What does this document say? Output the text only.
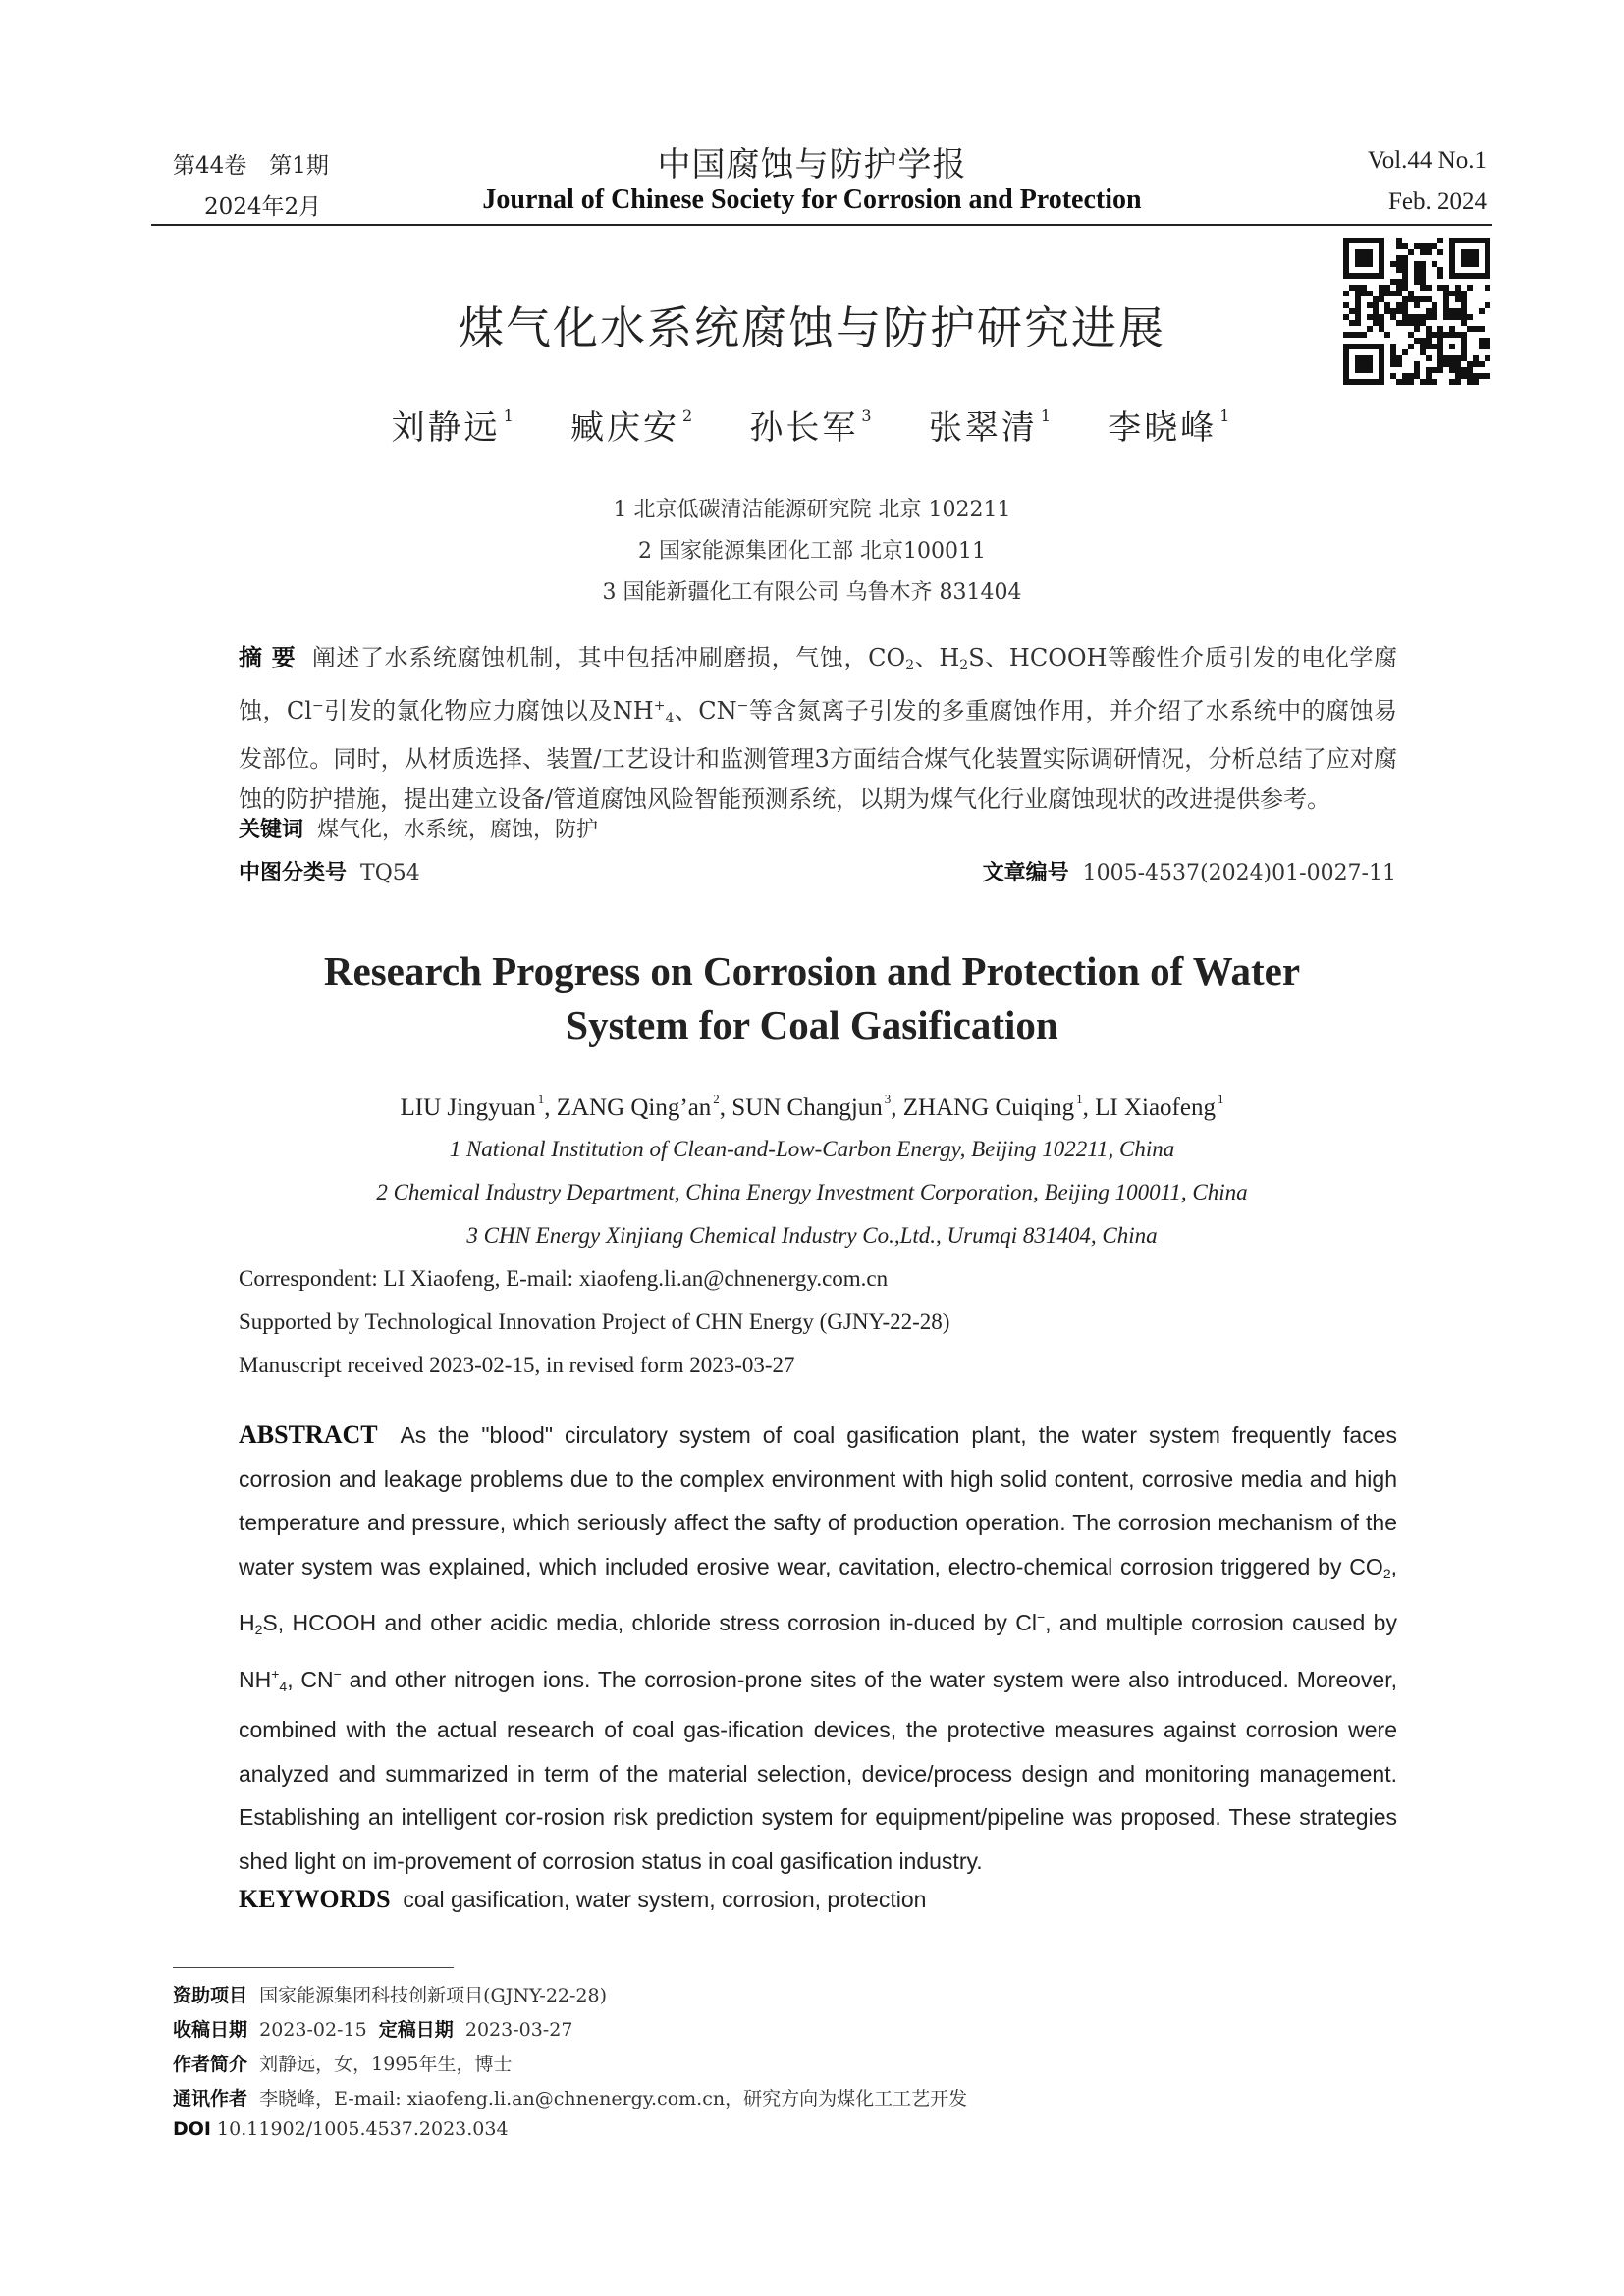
第44卷　第1期
2024年2月
中国腐蚀与防护学报
Journal of Chinese Society for Corrosion and Protection
Vol.44 No.1
Feb. 2024
煤气化水系统腐蚀与防护研究进展
刘静远 $^1$ 臧庆安 $^2$ 孙长军 $^3$ 张翠清 $^1$ 李晓峰 $^1$
1 北京低碳清洁能源研究院 北京 102211
2 国家能源集团化工部 北京100011
3 国能新疆化工有限公司 乌鲁木齐 831404
摘 要 阐述了水系统腐蚀机制，其中包括冲刷磨损，气蚀，$CO_2$、$H_2S$、HCOOH等酸性介质引发的电化学腐蚀，Cl−引发的氯化物应力腐蚀以及$NH^+_4$、CN−等含氮离子引发的多重腐蚀作用，并介绍了水系统中的腐蚀易发部位。同时，从材质选择、装置/工艺设计和监测管理3方面结合煤气化装置实际调研情况，分析总结了应对腐蚀的防护措施，提出建立设备/管道腐蚀风险智能预测系统，以期为煤气化行业腐蚀现状的改进提供参考。
关键词 煤气化，水系统，腐蚀，防护
中图分类号 TQ54	文章编号 1005-4537(2024)01-0027-11
Research Progress on Corrosion and Protection of Water
System for Coal Gasification
LIU Jingyuan $^1$, ZANG Qing’an $^2$, SUN Changjun $^3$, ZHANG Cuiqing $^1$, LI Xiaofeng $^1$
1 National Institution of Clean-and-Low-Carbon Energy, Beijing 102211, China
2 Chemical Industry Department, China Energy Investment Corporation, Beijing 100011, China
3 CHN Energy Xinjiang Chemical Industry Co.,Ltd., Urumqi 831404, China
Correspondent: LI Xiaofeng, E-mail: xiaofeng.li.an@chnenergy.com.cn
Supported by Technological Innovation Project of CHN Energy (GJNY-22-28)
Manuscript received 2023-02-15, in revised form 2023-03-27
ABSTRACT As the "blood" circulatory system of coal gasification plant, the water system frequently faces corrosion and leakage problems due to the complex environment with high solid content, corrosive media and high temperature and pressure, which seriously affect the safty of production operation. The corrosion mechanism of the water system was explained, which included erosive wear, cavitation, electro-chemical corrosion triggered by $CO_2$, $H_2S$, HCOOH and other acidic media, chloride stress corrosion in-duced by Cl−, and multiple corrosion caused by $NH^+_4$, CN− and other nitrogen ions. The corrosion-prone sites of the water system were also introduced. Moreover, combined with the actual research of coal gas-ification devices, the protective measures against corrosion were analyzed and summarized in term of the material selection, device/process design and monitoring management. Establishing an intelligent cor-rosion risk prediction system for equipment/pipeline was proposed. These strategies shed light on im-provement of corrosion status in coal gasification industry.
KEYWORDS coal gasification, water system, corrosion, protection
资助项目 国家能源集团科技创新项目(GJNY-22-28)
收稿日期 2023-02-15 定稿日期 2023-03-27
作者简介 刘静远，女，1995年生，博士
通讯作者 李晓峰，E-mail: xiaofeng.li.an@chnenergy.com.cn，研究方向为煤化工工艺开发
DOI 10.11902/1005.4537.2023.034
